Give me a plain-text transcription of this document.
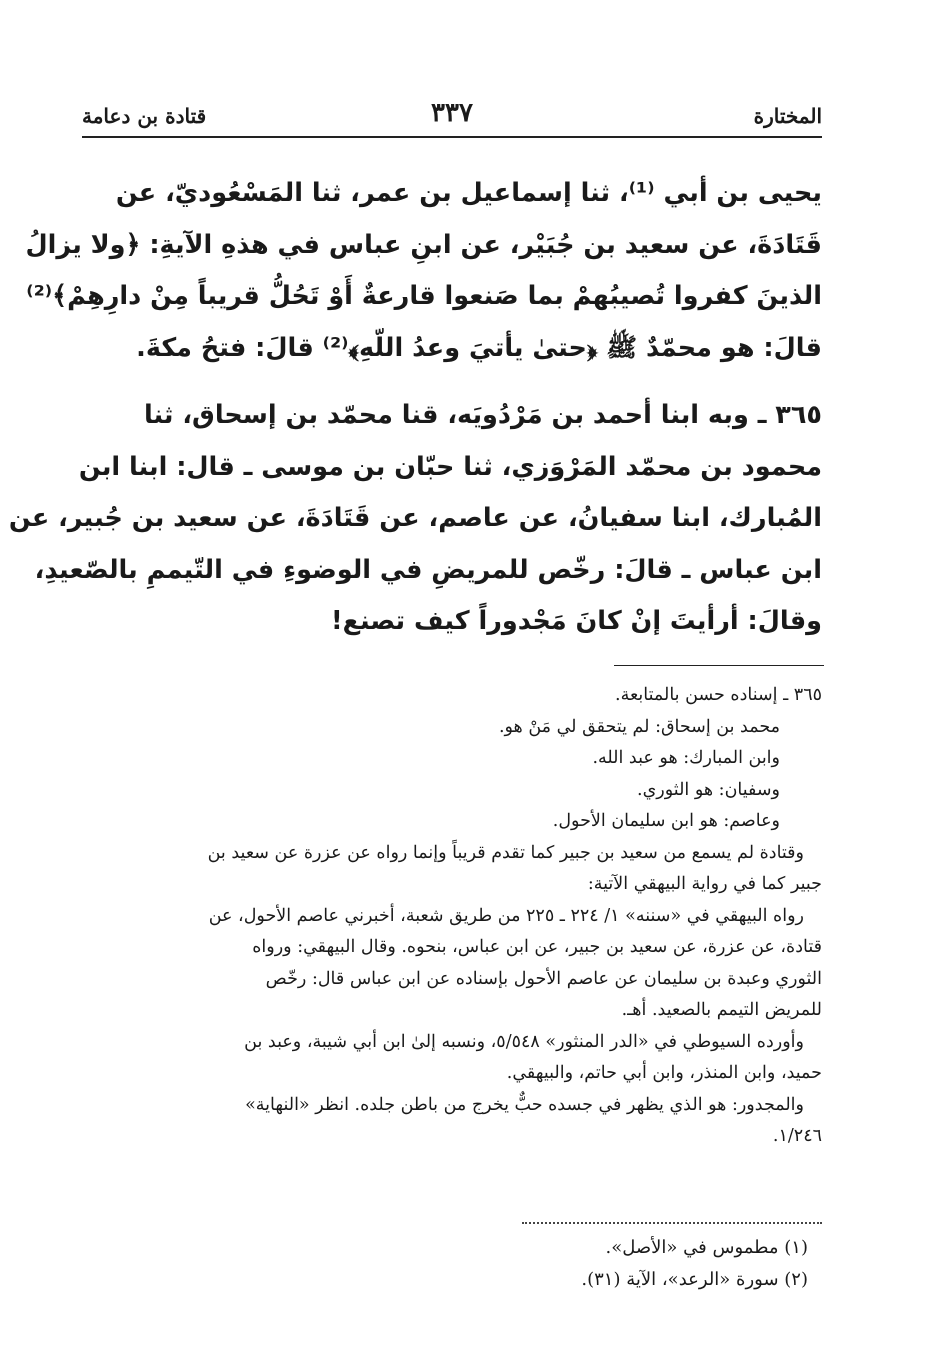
المختارة
٣٣٧
قتادة بن دعامة

يحيى بن أبي ⁽¹⁾، ثنا إسماعيل بن عمر، ثنا المَسْعُوديّ، عن
قَتَادَةَ، عن سعيد بن جُبَيْر، عن ابنِ عباس في هذهِ الآيةِ: ﴿ولا يزالُ
الذينَ كفروا تُصيبُهمْ بما صَنعوا قارعةٌ أَوْ تَحُلُّ قريباً مِنْ دارِهِمْ﴾⁽²⁾
قالَ: هو محمّدٌ ﷺ ﴿حتىٰ يأتيَ وعدُ اللّهِ﴾⁽²⁾ قالَ: فتحُ مكةَ.

٣٦٥ ـ وبه ابنا أحمد بن مَرْدُويَه، قنا محمّد بن إسحاق، ثنا
محمود بن محمّد المَرْوَزي، ثنا حبّان بن موسى ـ قال: ابنا ابن
المُبارك، ابنا سفيانُ، عن عاصم، عن قَتَادَةَ، عن سعيد بن جُبير، عن
ابن عباس ـ قالَ: رخّص للمريضِ في الوضوءِ في التّيممِ بالصّعيدِ،
وقالَ: أرأيتَ إنْ كانَ مَجْدوراً كيف تصنع!

٣٦٥ ـ إسناده حسن بالمتابعة.
محمد بن إسحاق: لم يتحقق لي مَنْ هو.
وابن المبارك: هو عبد الله.
وسفيان: هو الثوري.
وعاصم: هو ابن سليمان الأحول.
وقتادة لم يسمع من سعيد بن جبير كما تقدم قريباً وإنما رواه عن عزرة عن سعيد بن
جبير كما في رواية البيهقي الآتية:
رواه البيهقي في «سننه» ١/ ٢٢٤ ـ ٢٢٥ من طريق شعبة، أخبرني عاصم الأحول، عن
قتادة، عن عزرة، عن سعيد بن جبير، عن ابن عباس، بنحوه. وقال البيهقي: ورواه
الثوري وعبدة بن سليمان عن عاصم الأحول بإسناده عن ابن عباس قال: رخّص
للمريض التيمم بالصعيد. أهـ.
وأورده السيوطي في «الدر المنثور» ٥/٥٤٨، ونسبه إلىٰ ابن أبي شيبة، وعبد بن
حميد، وابن المنذر، وابن أبي حاتم، والبيهقي.
والمجدور: هو الذي يظهر في جسده حبٌّ يخرج من باطن جلده. انظر «النهاية»
١/٢٤٦.
(١) مطموس في «الأصل».
(٢) سورة «الرعد»، الآية (٣١).
